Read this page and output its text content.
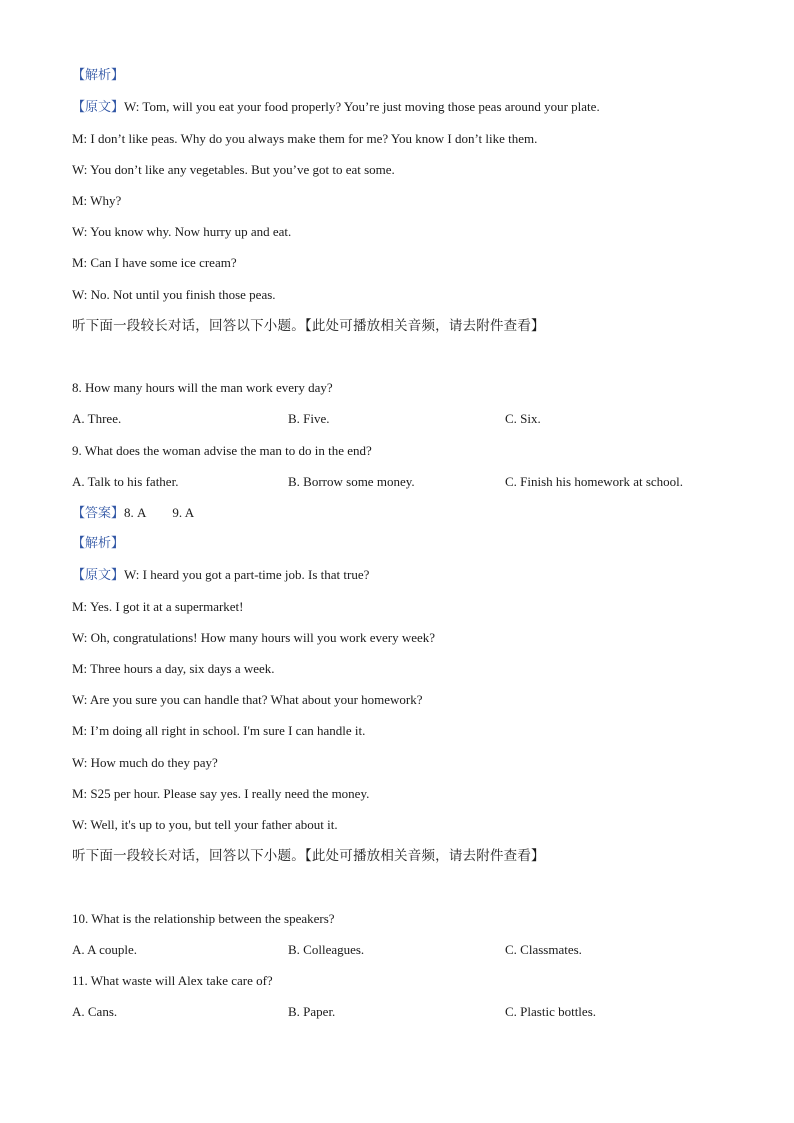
【解析】
【原文】W: Tom, will you eat your food properly? You’re just moving those peas around your plate.
M: I don’t like peas. Why do you always make them for me? You know I don’t like them.
W: You don’t like any vegetables. But you’ve got to eat some.
M: Why?
W: You know why. Now hurry up and eat.
M: Can I have some ice cream?
W: No. Not until you finish those peas.
听下面一段较长对话，回答以下小题。【此处可播放相关音频，请去附件查看】
8. How many hours will the man work every day?
A. Three.	B. Five.	C. Six.
9. What does the woman advise the man to do in the end?
A. Talk to his father.	B. Borrow some money.	C. Finish his homework at school.
【答案】8. A 9. A
【解析】
【原文】W: I heard you got a part-time job. Is that true?
M: Yes. I got it at a supermarket!
W: Oh, congratulations! How many hours will you work every week?
M: Three hours a day, six days a week.
W: Are you sure you can handle that? What about your homework?
M: I’m doing all right in school. I'm sure I can handle it.
W: How much do they pay?
M: S25 per hour. Please say yes. I really need the money.
W: Well, it's up to you, but tell your father about it.
听下面一段较长对话，回答以下小题。【此处可播放相关音频，请去附件查看】
10. What is the relationship between the speakers?
A. A couple.	B. Colleagues.	C. Classmates.
11. What waste will Alex take care of?
A. Cans.	B. Paper.	C. Plastic bottles.
